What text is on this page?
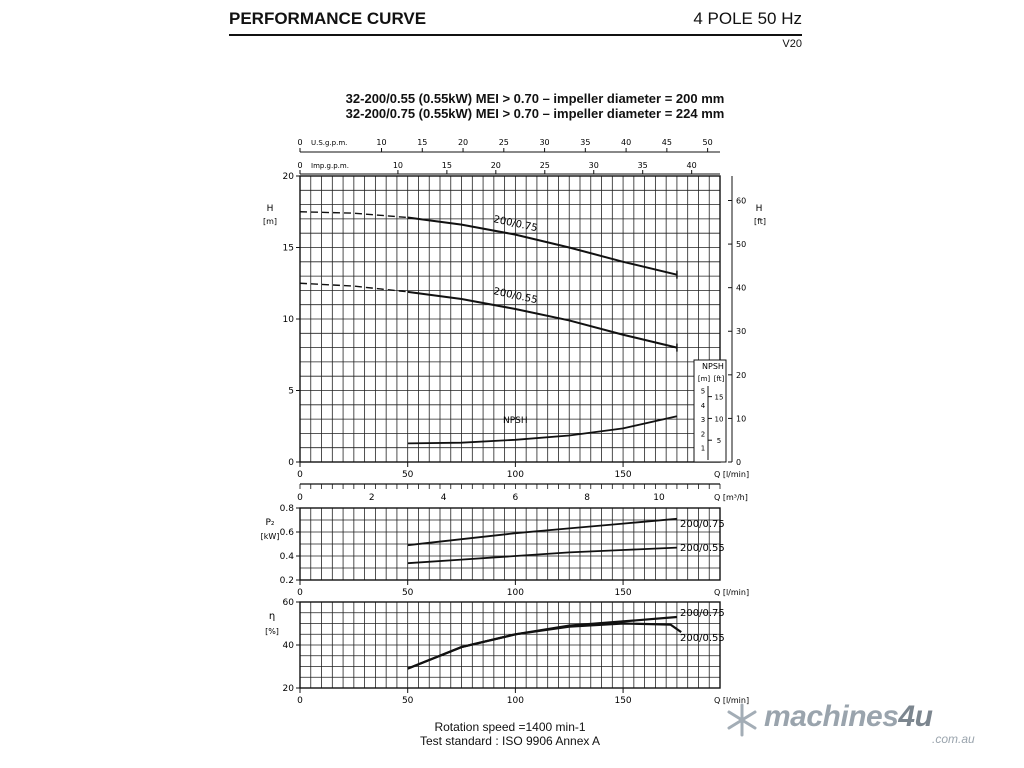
PERFORMANCE CURVE	4 POLE 50 Hz
V20
32-200/0.55 (0.55kW) MEI > 0.70 – impeller diameter = 200 mm
32-200/0.75 (0.55kW) MEI > 0.70 – impeller diameter = 224 mm
0	50	100	150	Q [l/min]
0
5
10
15
20
0
10
20
30
40
50
60
H
[ft]
H
[m]
0	10	15	20	25	30	35	40	45	50
U.S.g.p.m.
0	10	15	20	25	30	35	40
Imp.g.p.m.
NPSH
[m] [ft]
1
2
3
4
5
5
10
15
200/0.75
200/0.55
NPSH
0	2	4	6	8	10	Q [m³/h]
0	50	100	150	Q [l/min]
0.2
0.4
0.6
0.8
P₂
[kW]
200/0.75
200/0.55
0	50	100	150	Q [l/min]
20
40
60
η
[%]
200/0.75
200/0.55
Rotation speed =1400 min-1
Test standard : ISO 9906 Annex A
machines4u
.com.au
